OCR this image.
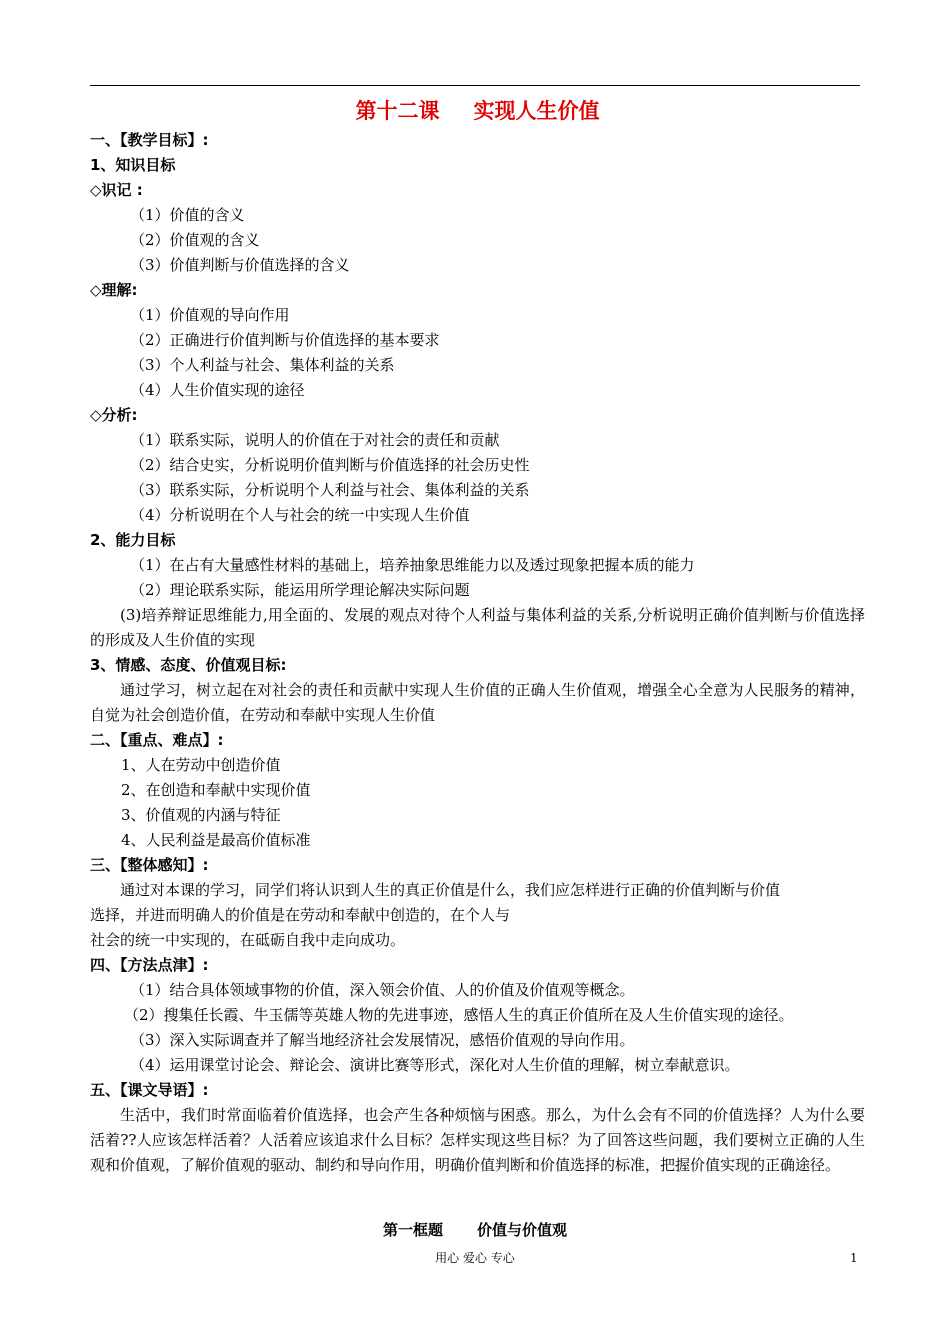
第十二课 实现人生价值
一、【教学目标】:
1、知识目标
◇识记 :
（1）价值的含义
（2）价值观的含义
（3）价值判断与价值选择的含义
◇理解:
（1）价值观的导向作用
（2）正确进行价值判断与价值选择的基本要求
（3）个人利益与社会、集体利益的关系
（4）人生价值实现的途径
◇分析:
（1）联系实际，说明人的价值在于对社会的责任和贡献
（2）结合史实，分析说明价值判断与价值选择的社会历史性
（3）联系实际，分析说明个人利益与社会、集体利益的关系
（4）分析说明在个人与社会的统一中实现人生价值
2、能力目标
（1）在占有大量感性材料的基础上，培养抽象思维能力以及透过现象把握本质的能力
（2）理论联系实际，能运用所学理论解决实际问题
(3)培养辩证思维能力,用全面的、发展的观点对待个人利益与集体利益的关系,分析说明正确价值判断与价值选择的形成及人生价值的实现
3、情感、态度、价值观目标:
通过学习，树立起在对社会的责任和贡献中实现人生价值的正确人生价值观，增强全心全意为人民服务的精神，自觉为社会创造价值，在劳动和奉献中实现人生价值
二、【重点、难点】:
1、人在劳动中创造价值
2、在创造和奉献中实现价值
3、价值观的内涵与特征
4、人民利益是最高价值标准
三、【整体感知】:
通过对本课的学习，同学们将认识到人生的真正价值是什么，我们应怎样进行正确的价值判断与价值
选择，并进而明确人的价值是在劳动和奉献中创造的，在个人与
社会的统一中实现的，在砥砺自我中走向成功。
四、【方法点津】:
（1）结合具体领域事物的价值，深入领会价值、人的价值及价值观等概念。
（2）搜集任长霞、牛玉儒等英雄人物的先进事迹，感悟人生的真正价值所在及人生价值实现的途径。
（3）深入实际调查并了解当地经济社会发展情况，感悟价值观的导向作用。
（4）运用课堂讨论会、辩论会、演讲比赛等形式，深化对人生价值的理解，树立奉献意识。
五、【课文导语】:
生活中，我们时常面临着价值选择，也会产生各种烦恼与困惑。那么，为什么会有不同的价值选择？人为什么要活着??人应该怎样活着？人活着应该追求什么目标？怎样实现这些目标？为了回答这些问题，我们要树立正确的人生观和价值观，了解价值观的驱动、制约和导向作用，明确价值判断和价值选择的标准，把握价值实现的正确途径。
第一框题 价值与价值观
用心 爱心 专心	1
